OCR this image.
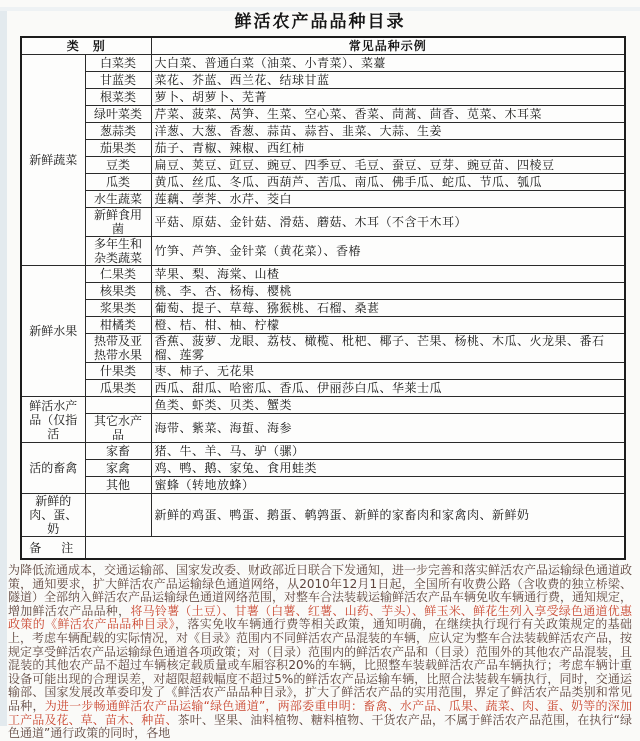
鲜活农产品品种目录
类　别		常见品种示例
新鲜蔬菜	白菜类	大白菜、普通白菜（油菜、小青菜）、菜薹
	甘蓝类	菜花、芥蓝、西兰花、结球甘蓝
	根菜类	萝卜、胡萝卜、芜菁
	绿叶菜类	芹菜、菠菜、莴笋、生菜、空心菜、香菜、茼蒿、茴香、苋菜、木耳菜
	葱蒜类	洋葱、大葱、香葱、蒜苗、蒜苔、韭菜、大蒜、生姜
	茄果类	茄子、青椒、辣椒、西红柿
	豆类	扁豆、荚豆、豇豆、豌豆、四季豆、毛豆、蚕豆、豆芽、豌豆苗、四棱豆
	瓜类	黄瓜、丝瓜、冬瓜、西葫芦、苦瓜、南瓜、佛手瓜、蛇瓜、节瓜、瓠瓜
	水生蔬菜	莲藕、荸荠、水芹、茭白
	新鲜食用菌	平菇、原菇、金针菇、滑菇、蘑菇、木耳（不含干木耳）
	多年生和杂类蔬菜	竹笋、芦笋、金针菜（黄花菜）、香椿
新鲜水果	仁果类	苹果、梨、海棠、山楂
	核果类	桃、李、杏、杨梅、樱桃
	浆果类	葡萄、提子、草莓、猕猴桃、石榴、桑葚
	柑橘类	橙、桔、柑、柚、柠檬
	热带及亚热带水果	香蕉、菠萝、龙眼、荔枝、橄榄、枇杷、椰子、芒果、杨桃、木瓜、火龙果、番石榴、莲雾
	什果类	枣、柿子、无花果
	瓜果类	西瓜、甜瓜、哈密瓜、香瓜、伊丽莎白瓜、华莱士瓜
鲜活水产品（仅指活		鱼类、虾类、贝类、蟹类
	其它水产品	海带、紫菜、海蜇、海参
活的畜禽	家畜	猪、牛、羊、马、驴（骡）
	家禽	鸡、鸭、鹅、家兔、食用蛙类
	其他	蜜蜂（转地放蜂）
新鲜的肉、蛋、奶		新鲜的鸡蛋、鸭蛋、鹅蛋、鹌鹑蛋、新鲜的家畜肉和家禽肉、新鲜奶
备　注		

为降低流通成本，交通运输部、国家发改委、财政部近日联合下发通知，进一步完善和落实鲜活农产品运输绿色通道政策，通知要求，扩大鲜活农产品运输绿色通道网络，从2010年12月1日起，全国所有收费公路（含收费的独立桥梁、隧道）全部纳入鲜活农产品运输绿色通道网络范围，对整车合法装载运输鲜活农产品车辆免收车辆通行费，通知规定，增加鲜活农产品品种，将马铃薯（土豆）、甘薯（白薯、红薯、山药、芋头）、鲜玉米、鲜花生列入享受绿色通道优惠政策的《鲜活农产品品种目录》，落实免收车辆通行费等相关政策，通知明确，在继续执行现行有关政策规定的基础上，考虑车辆配载的实际情况，对《目录》范围内不同鲜活农产品混装的车辆，应认定为整车合法装载鲜活农产品，按规定享受鲜活农产品运输绿色通道各项政策；对（目录）范围内的鲜活农产品和（目录）范围外的其他农产品混装，且混装的其他农产品不超过车辆核定载质量或车厢容积20%的车辆，比照整车装载鲜活农产品车辆执行；考虑车辆计重设备可能出现的合理误差，对超限超载幅度不超过5%的鲜活农产品运输车辆，比照合法装载车辆执行，同时，交通运输部、国家发展改革委印发了《鲜活农产品品种目录》，扩大了鲜活农产品的实用范围，界定了鲜活农产品类别和常见品种，为进一步畅通鲜活农产品运输“绿色通道”，两部委重申明：畜禽、水产品、瓜果、蔬菜、肉、蛋、奶等的深加工产品及花、草、苗木、种苗、茶叶、坚果、油料植物、糖料植物、干货农产品，不属于鲜活农产品范围，在执行“绿色通道”通行政策的同时，各地
